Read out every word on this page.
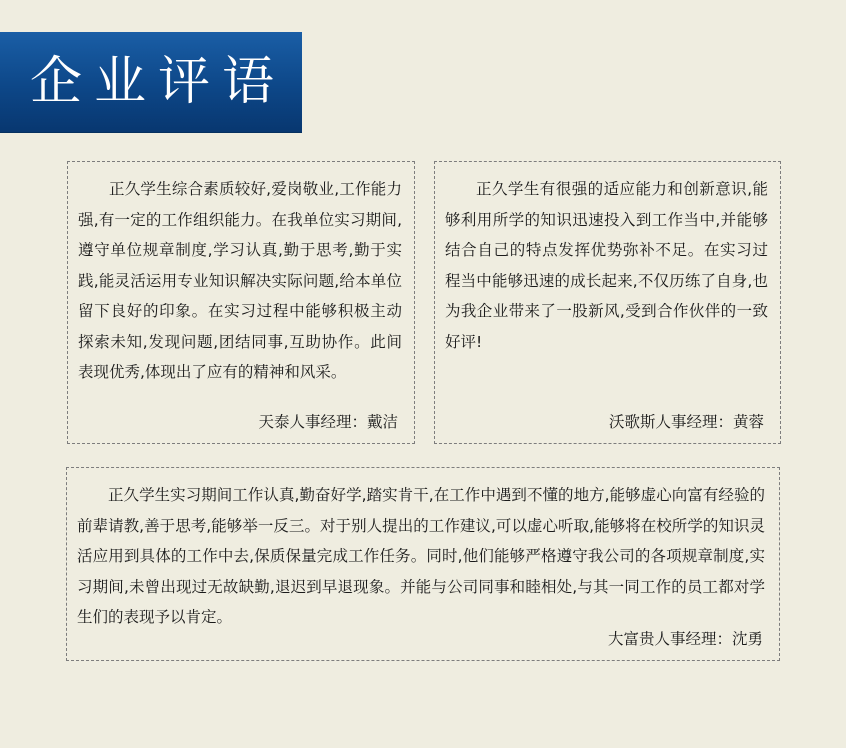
企业评语

正久学生综合素质较好,爱岗敬业,工作能力强,有一定的工作组织能力。在我单位实习期间,遵守单位规章制度,学习认真,勤于思考,勤于实践,能灵活运用专业知识解决实际问题,给本单位留下良好的印象。在实习过程中能够积极主动探索未知,发现问题,团结同事,互助协作。此间表现优秀,体现出了应有的精神和风采。

天泰人事经理：戴洁

正久学生有很强的适应能力和创新意识,能够利用所学的知识迅速投入到工作当中,并能够结合自己的特点发挥优势弥补不足。在实习过程当中能够迅速的成长起来,不仅历练了自身,也为我企业带来了一股新风,受到合作伙伴的一致好评!

沃歌斯人事经理：黄蓉

正久学生实习期间工作认真,勤奋好学,踏实肯干,在工作中遇到不懂的地方,能够虚心向富有经验的前辈请教,善于思考,能够举一反三。对于别人提出的工作建议,可以虚心听取,能够将在校所学的知识灵活应用到具体的工作中去,保质保量完成工作任务。同时,他们能够严格遵守我公司的各项规章制度,实习期间,未曾出现过无故缺勤,退迟到早退现象。并能与公司同事和睦相处,与其一同工作的员工都对学生们的表现予以肯定。

大富贵人事经理：沈勇
